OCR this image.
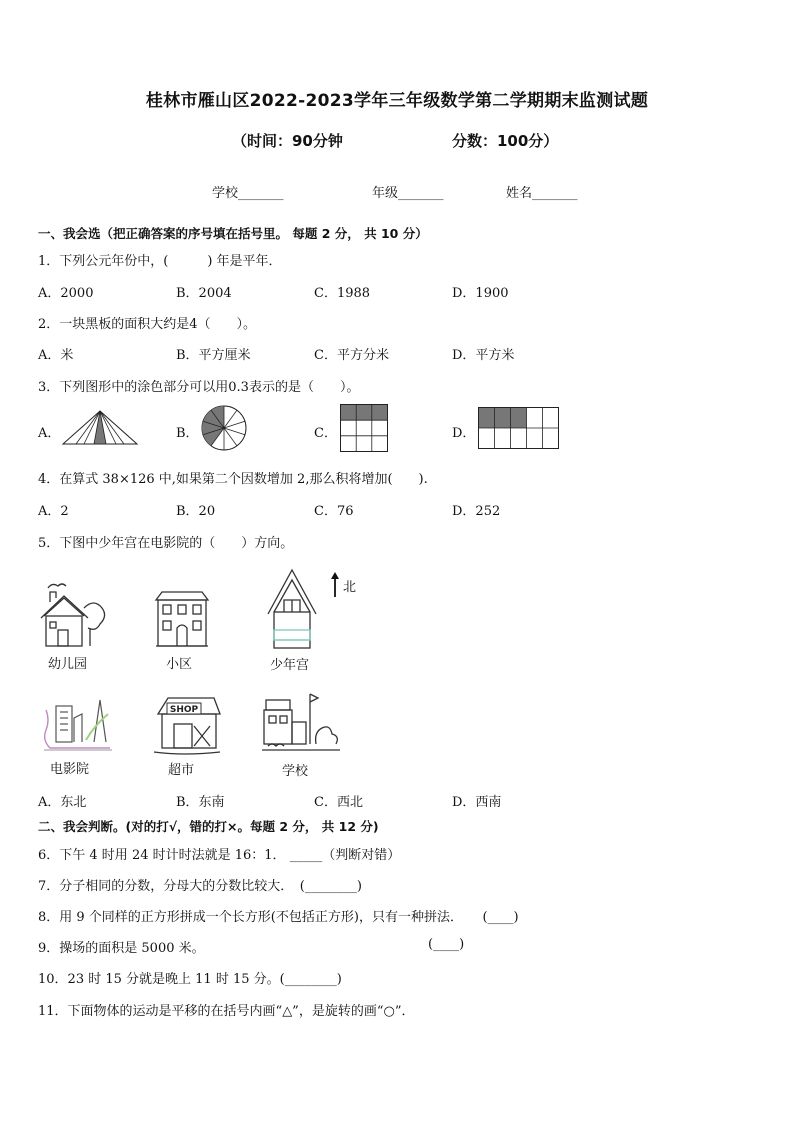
桂林市雁山区2022-2023学年三年级数学第二学期期末监测试题
（时间：90分钟	分数：100分）
学校_______	年级_______	姓名_______
一、我会选（把正确答案的序号填在括号里。 每题 2 分， 共 10 分）
1．下列公元年份中，(　　　) 年是平年．
A．2000	B．2004	C．1988	D．1900
2．一块黑板的面积大约是4（　　）。
A．米	B．平方厘米	C．平方分米	D．平方米
3．下列图形中的涂色部分可以用0.3表示的是（　　）。
A．	B．	C．	D．
4．在算式 38×126 中,如果第二个因数增加 2,那么积将增加(　　).
A．2	B．20	C．76	D．252
5．下图中少年宫在电影院的（　　）方向。
北
幼儿园	小区	少年宫
电影院
SHOP
超市	学校
A．东北	B．东南	C．西北	D．西南
二、我会判断。(对的打√，错的打×。每题 2 分， 共 12 分)
6．下午 4 时用 24 时计时法就是 16：1． _____（判断对错）
7．分子相同的分数，分母大的分数比较大．　(________)
8．用 9 个同样的正方形拼成一个长方形(不包括正方形)，只有一种拼法．　　(____)
9．操场的面积是 5000 米。	(____)
10．23 时 15 分就是晚上 11 时 15 分。(________)
11．下面物体的运动是平移的在括号内画“△”，是旋转的画“○”．
